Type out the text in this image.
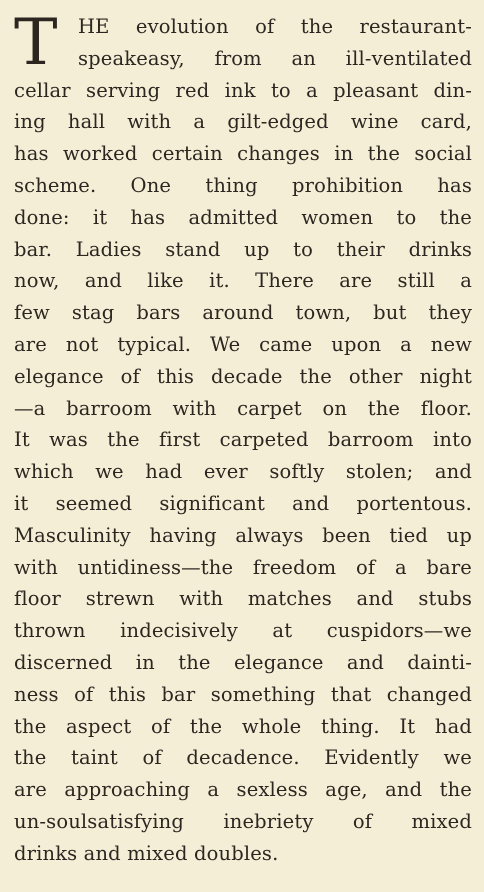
T	HE evolution of the restaurant-
speakeasy, from an ill-ventilated
cellar serving red ink to a pleasant din-
ing hall with a gilt-edged wine card,
has worked certain changes in the social
scheme. One thing prohibition has
done: it has admitted women to the
bar. Ladies stand up to their drinks
now, and like it. There are still a
few stag bars around town, but they
are not typical. We came upon a new
elegance of this decade the other night
—a barroom with carpet on the floor.
It was the first carpeted barroom into
which we had ever softly stolen; and
it seemed significant and portentous.
Masculinity having always been tied up
with untidiness—the freedom of a bare
floor strewn with matches and stubs
thrown indecisively at cuspidors—we
discerned in the elegance and dainti-
ness of this bar something that changed
the aspect of the whole thing. It had
the taint of decadence. Evidently we
are approaching a sexless age, and the
un-soulsatisfying inebriety of mixed
drinks and mixed doubles.
